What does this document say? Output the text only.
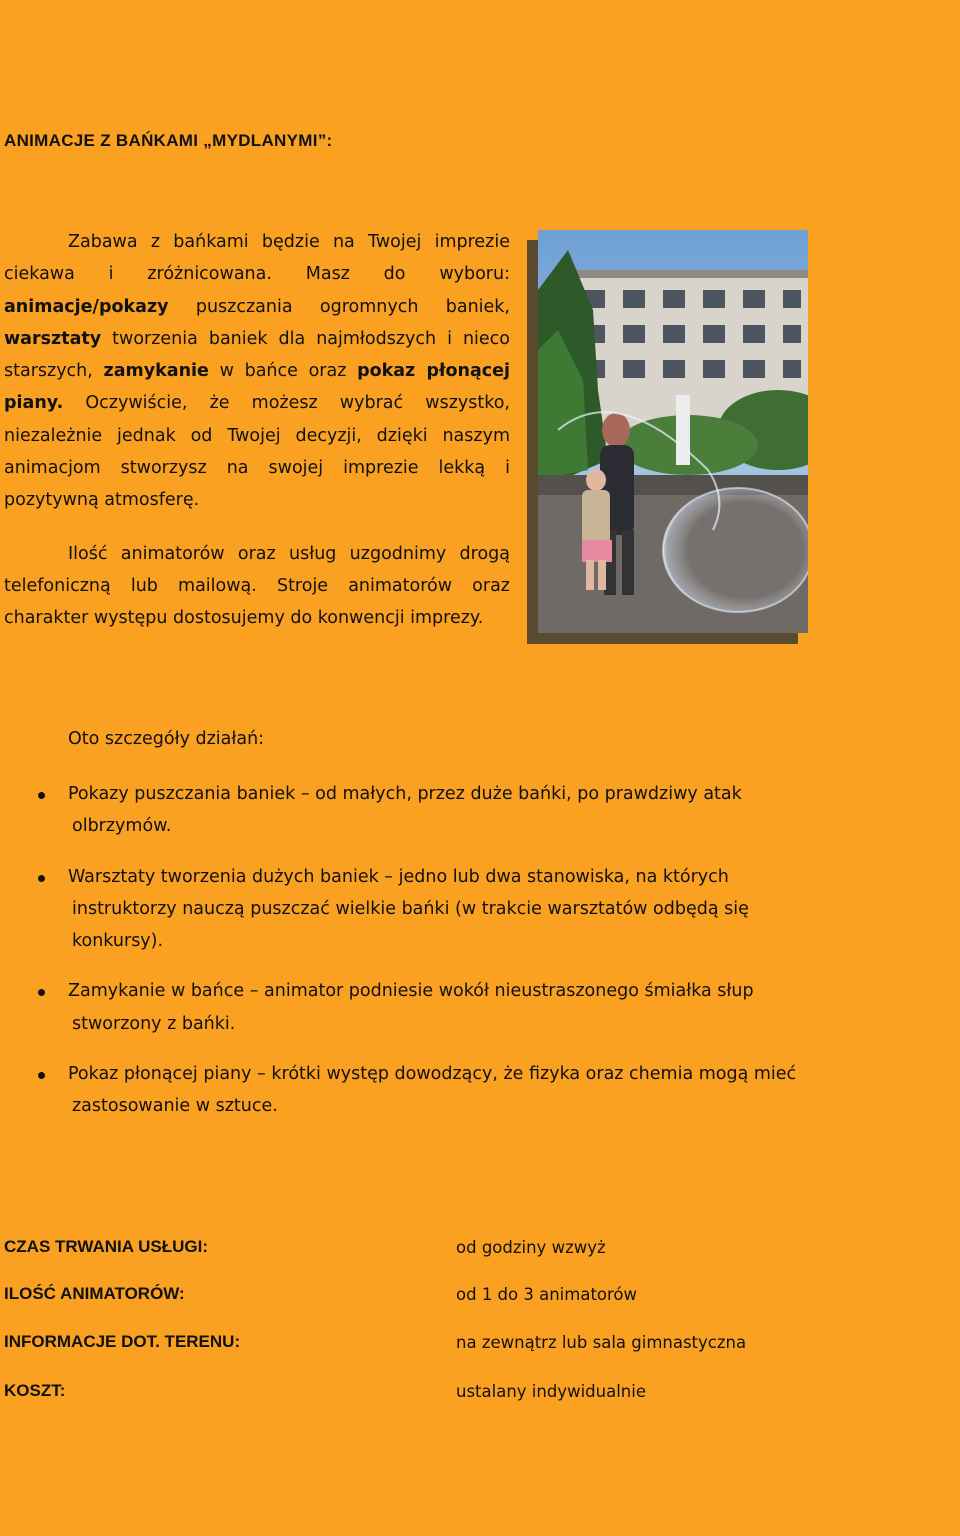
ANIMACJE Z BAŃKAMI „MYDLANYMI”:

Zabawa z bańkami będzie na Twojej imprezie ciekawa i zróżnicowana. Masz do wyboru: animacje/pokazy puszczania ogromnych baniek, warsztaty tworzenia baniek dla najmłodszych i nieco starszych, zamykanie w bańce oraz pokaz płonącej piany. Oczywiście, że możesz wybrać wszystko, niezależnie jednak od Twojej decyzji, dzięki naszym animacjom stworzysz na swojej imprezie lekką i pozytywną atmosferę.

Ilość animatorów oraz usług uzgodnimy drogą telefoniczną lub mailową. Stroje animatorów oraz charakter występu dostosujemy do konwencji imprezy.

Oto szczegóły działań:
Pokazy puszczania baniek – od małych, przez duże bańki, po prawdziwy atak
olbrzymów.
Warsztaty tworzenia dużych baniek – jedno lub dwa stanowiska, na których
instruktorzy nauczą puszczać wielkie bańki (w trakcie warsztatów odbędą się konkursy).
Zamykanie w bańce – animator podniesie wokół nieustraszonego śmiałka słup
stworzony z bańki.
Pokaz płonącej piany – krótki występ dowodzący, że fizyka oraz chemia mogą mieć
zastosowanie w sztuce.
CZAS TRWANIA USŁUGI:	od godziny wzwyż
ILOŚĆ ANIMATORÓW:	od 1 do 3 animatorów
INFORMACJE DOT. TERENU:	na zewnątrz lub sala gimnastyczna
KOSZT:	ustalany indywidualnie
